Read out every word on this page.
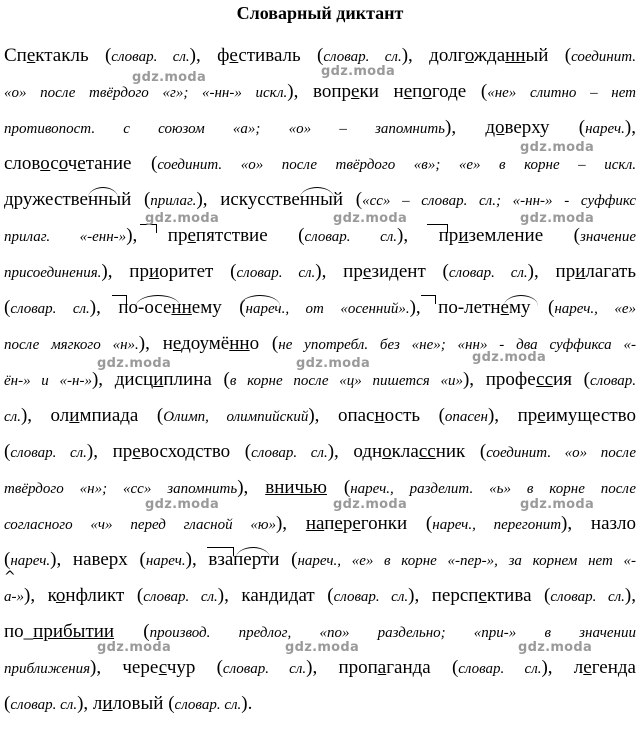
Словарный диктант
Спектакль (словар. сл.), фестиваль (словар. сл.), долгожданный (соединит.
«о» после твёрдого «г»; «-нн-» искл.), вопреки непогоде («не» слитно – нет
противопост. с союзом «а»; «о» – запомнить), доверху (нареч.),
словосочетание (соединит. «о» после твёрдого «в»; «е» в корне – искл.
дружественный (прилаг.), искусственный («сс» – словар. сл.; «-нн-» - суффикс
прилаг. «-енн-»), препятствие (словар. сл.), приземление (значение
присоединения.), приоритет (словар. сл.), президент (словар. сл.), прилагать
(словар. сл.), по-осеннему (нареч., от «осенний».), по-летнему (нареч., «е»
после мягкого «н».), недоумённо (не употребл. без «не»; «нн» - два суффикса «-
ён-» и «-н-»), дисциплина (в корне после «ц» пишется «и»), профессия (словар.
сл.), олимпиада (Олимп, олимпийский), опасность (опасен), преимущество
(словар. сл.), превосходство (словар. сл.), одноклассник (соединит. «о» после
твёрдого «н»; «сс» запомнить), вничью (нареч., разделит. «ь» в корне после
согласного «ч» перед гласной «ю»), наперегонки (нареч., перегонит), назло
(нареч.), наверх (нареч.), взаперти (нареч., «е» в корне «-пер-», за корнем нет «-
а-»), конфликт (словар. сл.), кандидат (словар. сл.), перспектива (словар. сл.),
по_прибытии (производ. предлог, «по» раздельно; «при-» в значении
приближения), чересчур (словар. сл.), пропаганда (словар. сл.), легенда
(словар. сл.), лиловый (словар. сл.).
^
gdz.moda	gdz.moda
gdz.moda
gdz.moda	gdz.moda	gdz.moda
gdz.moda	gdz.moda	gdz.moda
gdz.moda	gdz.moda	gdz.moda
gdz.moda	gdz.moda	gdz.moda
